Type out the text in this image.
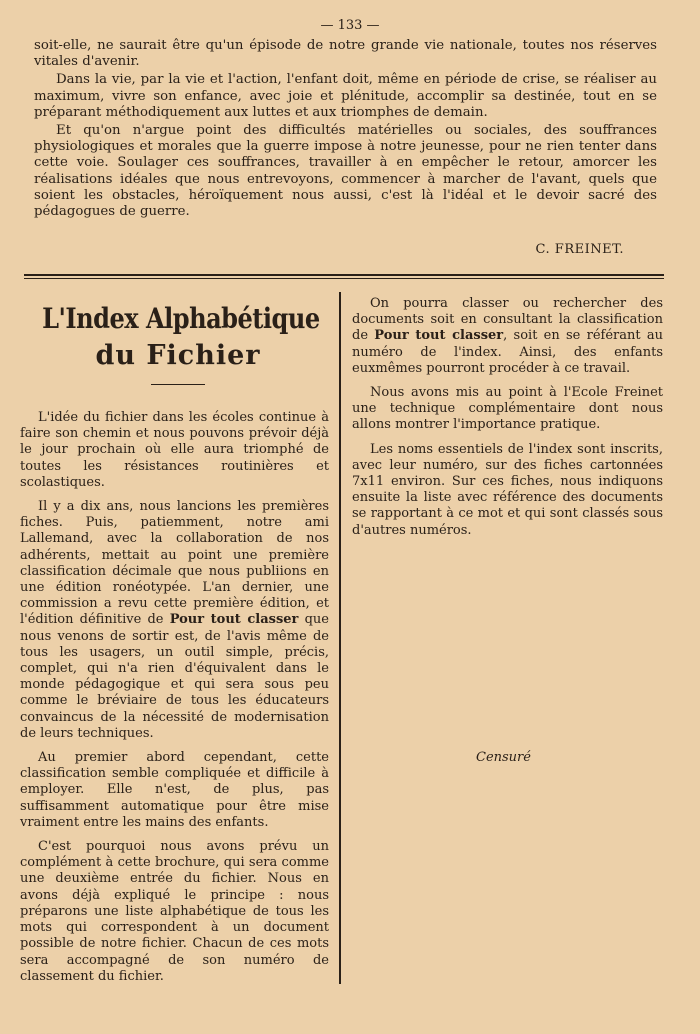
— 133 —

soit-elle, ne saurait être qu'un épisode de notre grande vie nationale, toutes nos réserves vitales d'avenir.

Dans la vie, par la vie et l'action, l'enfant doit, même en période de crise, se réaliser au maximum, vivre son enfance, avec joie et plénitude, accomplir sa destinée, tout en se préparant méthodiquement aux luttes et aux triomphes de demain.

Et qu'on n'argue point des difficultés matérielles ou sociales, des souffrances physiologiques et morales que la guerre impose à notre jeunesse, pour ne rien tenter dans cette voie. Soulager ces souffrances, travailler à en empêcher le retour, amorcer les réalisations idéales que nous entrevoyons, commencer à marcher de l'avant, quels que soient les obstacles, héroïquement nous aussi, c'est là l'idéal et le devoir sacré des pédagogues de guerre.

C. FREINET.
L'Index Alphabétique
du Fichier

L'idée du fichier dans les écoles continue à faire son chemin et nous pouvons prévoir déjà le jour prochain où elle aura triomphé de toutes les résistances routinières et scolastiques.

Il y a dix ans, nous lancions les premières fiches. Puis, patiemment, notre ami Lallemand, avec la collaboration de nos adhérents, mettait au point une première classification décimale que nous publiions en une édition ronéotypée. L'an dernier, une commission a revu cette première édition, et l'édition définitive de Pour tout classer que nous venons de sortir est, de l'avis même de tous les usagers, un outil simple, précis, complet, qui n'a rien d'équivalent dans le monde pédagogique et qui sera sous peu comme le bréviaire de tous les éducateurs convaincus de la nécessité de modernisation de leurs techniques.

Au premier abord cependant, cette classification semble compliquée et difficile à employer. Elle n'est, de plus, pas suffisamment automatique pour être mise vraiment entre les mains des enfants.

C'est pourquoi nous avons prévu un complément à cette brochure, qui sera comme une deuxième entrée du fichier. Nous en avons déjà expliqué le principe : nous préparons une liste alphabétique de tous les mots qui correspondent à un document possible de notre fichier. Chacun de ces mots sera accompagné de son numéro de classement du fichier.

On pourra classer ou rechercher des documents soit en consultant la classification de Pour tout classer, soit en se référant au numéro de l'index. Ainsi, des enfants euxmêmes pourront procéder à ce travail.

Nous avons mis au point à l'Ecole Freinet une technique complémentaire dont nous allons montrer l'importance pratique.

Les noms essentiels de l'index sont inscrits, avec leur numéro, sur des fiches cartonnées 7x11 environ. Sur ces fiches, nous indiquons ensuite la liste avec référence des documents se rapportant à ce mot et qui sont classés sous d'autres numéros.

Censuré
